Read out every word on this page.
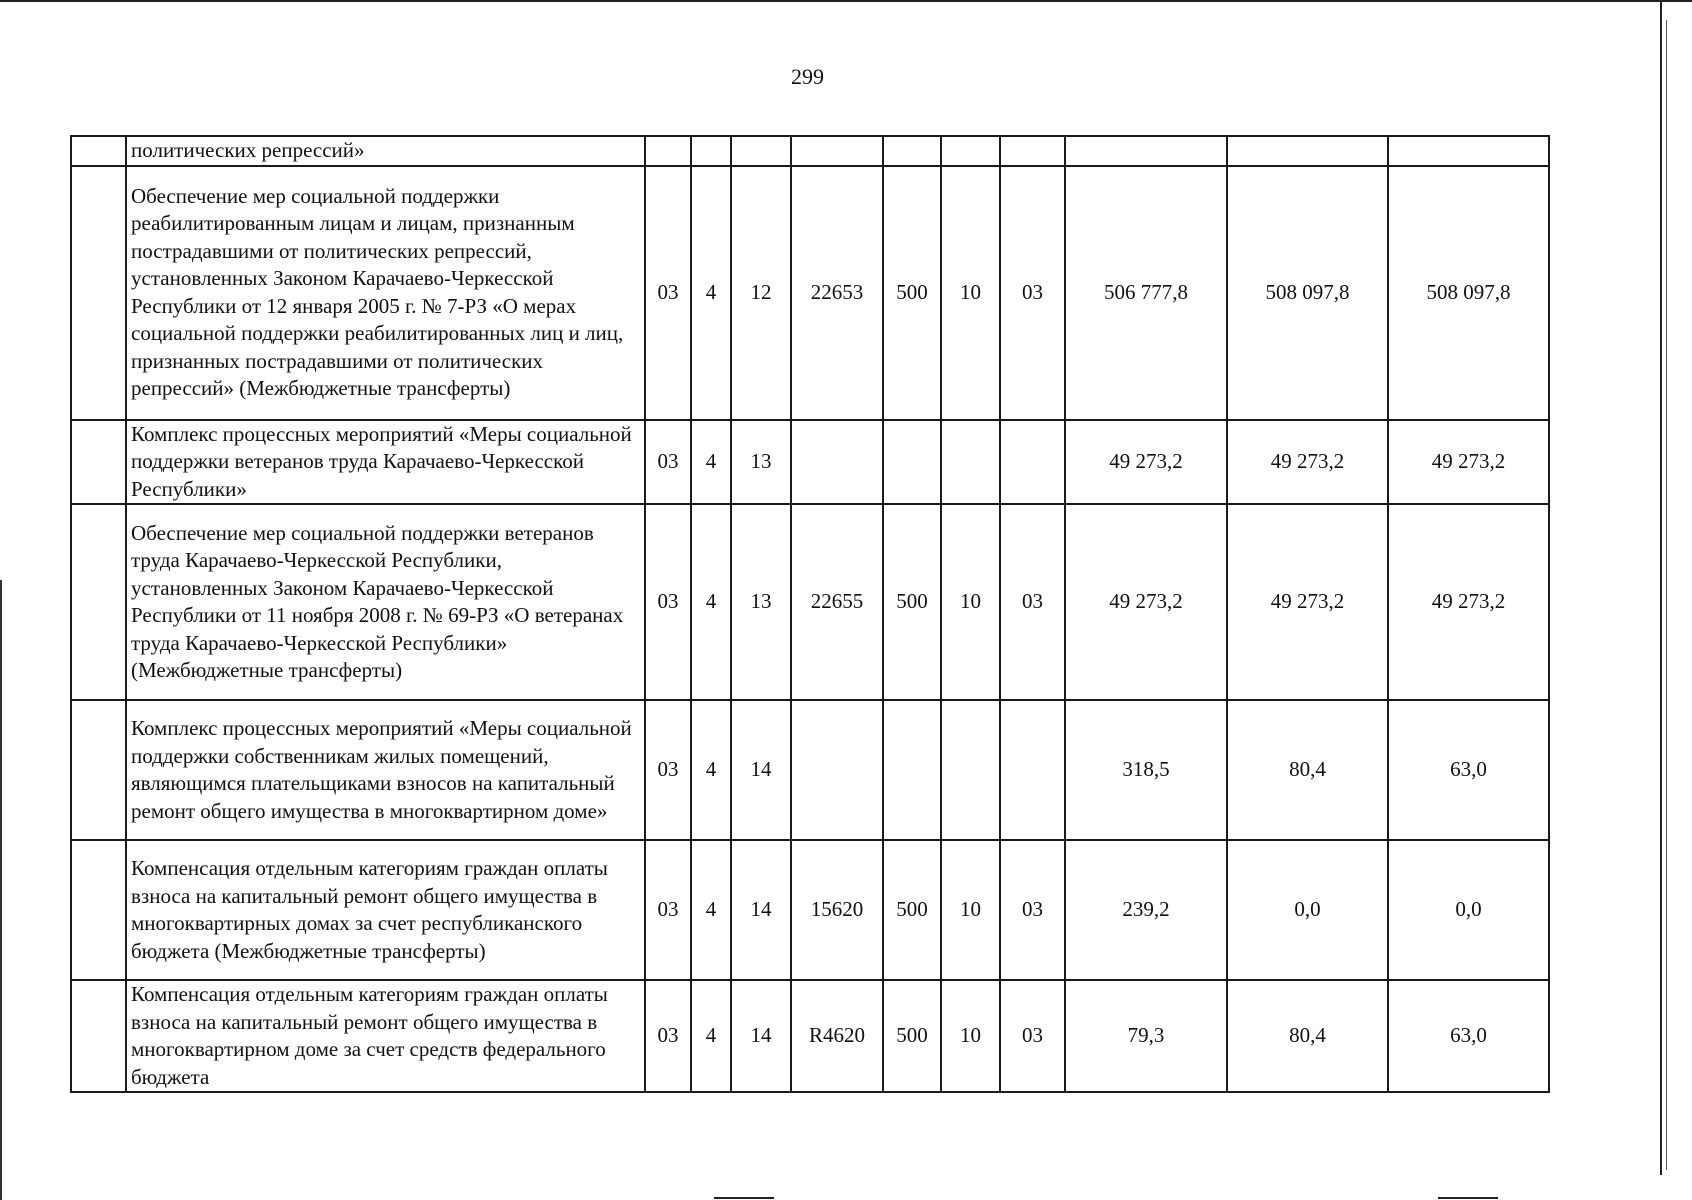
299
	политических репрессий»										
	Обеспечение мер социальной поддержки реабилитированным лицам и лицам, признанным пострадавшими от политических репрессий, установленных Законом Карачаево-Черкесской Республики от 12 января 2005 г. № 7-РЗ «О мерах социальной поддержки реабилитированных лиц и лиц, признанных пострадавшими от политических репрессий» (Межбюджетные трансферты)	03	4	12	22653	500	10	03	506 777,8	508 097,8	508 097,8
	Комплекс процессных мероприятий «Меры социальной поддержки ветеранов труда Карачаево-Черкесской Республики»	03	4	13					49 273,2	49 273,2	49 273,2
	Обеспечение мер социальной поддержки ветеранов труда Карачаево-Черкесской Республики, установленных Законом Карачаево-Черкесской Республики от 11 ноября 2008 г. № 69-РЗ «О ветеранах труда Карачаево-Черкесской Республики» (Межбюджетные трансферты)	03	4	13	22655	500	10	03	49 273,2	49 273,2	49 273,2
	Комплекс процессных мероприятий «Меры социальной поддержки собственникам жилых помещений, являющимся плательщиками взносов на капитальный ремонт общего имущества в многоквартирном доме»	03	4	14					318,5	80,4	63,0
	Компенсация отдельным категориям граждан оплаты взноса на капитальный ремонт общего имущества в многоквартирных домах за счет республиканского бюджета (Межбюджетные трансферты)	03	4	14	15620	500	10	03	239,2	0,0	0,0
	Компенсация отдельным категориям граждан оплаты взноса на капитальный ремонт общего имущества в многоквартирном доме за счет средств федерального бюджета	03	4	14	R4620	500	10	03	79,3	80,4	63,0
